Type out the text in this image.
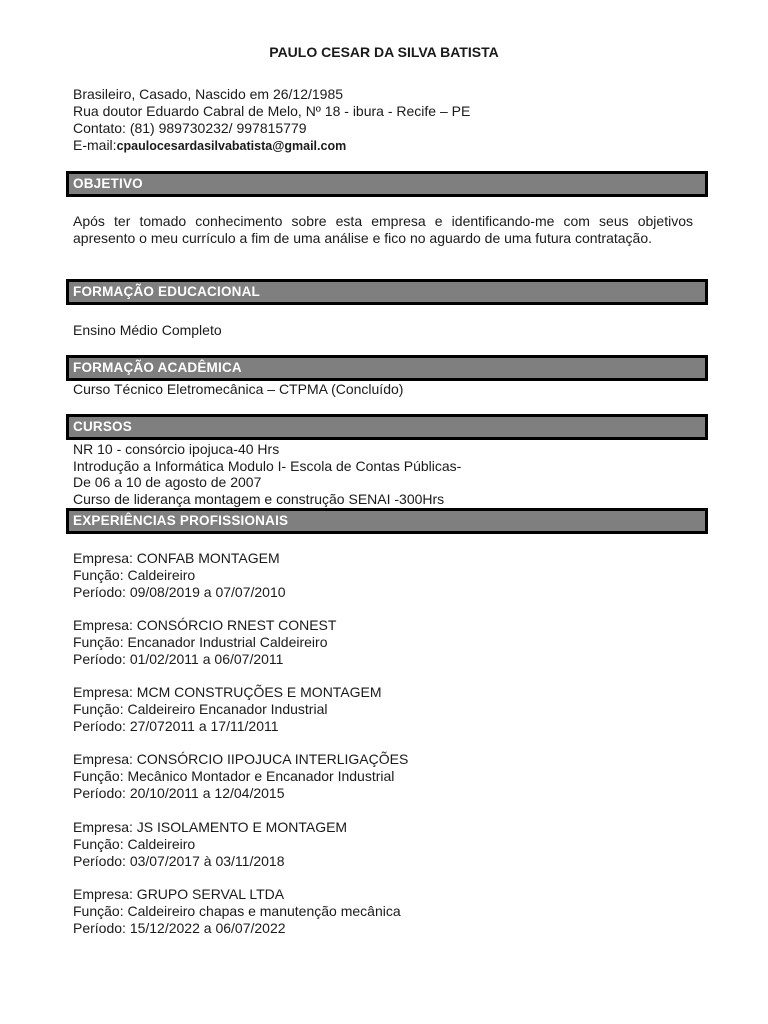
PAULO CESAR DA SILVA BATISTA
Brasileiro, Casado, Nascido em 26/12/1985
Rua doutor Eduardo Cabral de Melo, Nº 18 - ibura - Recife – PE
Contato: (81) 989730232/ 997815779
E-mail:cpaulocesardasilvabatista@gmail.com
OBJETIVO
Após ter tomado conhecimento sobre esta empresa e identificando-me com seus objetivos apresento o meu currículo a fim de uma análise e fico no aguardo de uma futura contratação.
FORMAÇÃO EDUCACIONAL
Ensino Médio Completo
FORMAÇÃO ACADÊMICA
Curso Técnico Eletromecânica – CTPMA (Concluído)
CURSOS
NR 10 - consórcio ipojuca-40 Hrs
Introdução a Informática Modulo I- Escola de Contas Públicas-
De 06 a 10 de agosto de 2007
Curso de liderança montagem e construção SENAI -300Hrs
EXPERIÊNCIAS PROFISSIONAIS
Empresa: CONFAB MONTAGEM
Função: Caldeireiro
Período: 09/08/2019 a 07/07/2010
Empresa: CONSÓRCIO RNEST CONEST
Função: Encanador Industrial Caldeireiro
Período: 01/02/2011 a 06/07/2011
Empresa: MCM CONSTRUÇÕES E MONTAGEM
Função: Caldeireiro Encanador Industrial
Período: 27/072011 a 17/11/2011
Empresa: CONSÓRCIO IIPOJUCA INTERLIGAÇÕES
Função: Mecânico Montador e Encanador Industrial
Período: 20/10/2011 a 12/04/2015
Empresa: JS ISOLAMENTO E MONTAGEM
Função: Caldeireiro
Período: 03/07/2017 à 03/11/2018
Empresa: GRUPO SERVAL LTDA
Função: Caldeireiro chapas e manutenção mecânica
Período: 15/12/2022 a 06/07/2022
